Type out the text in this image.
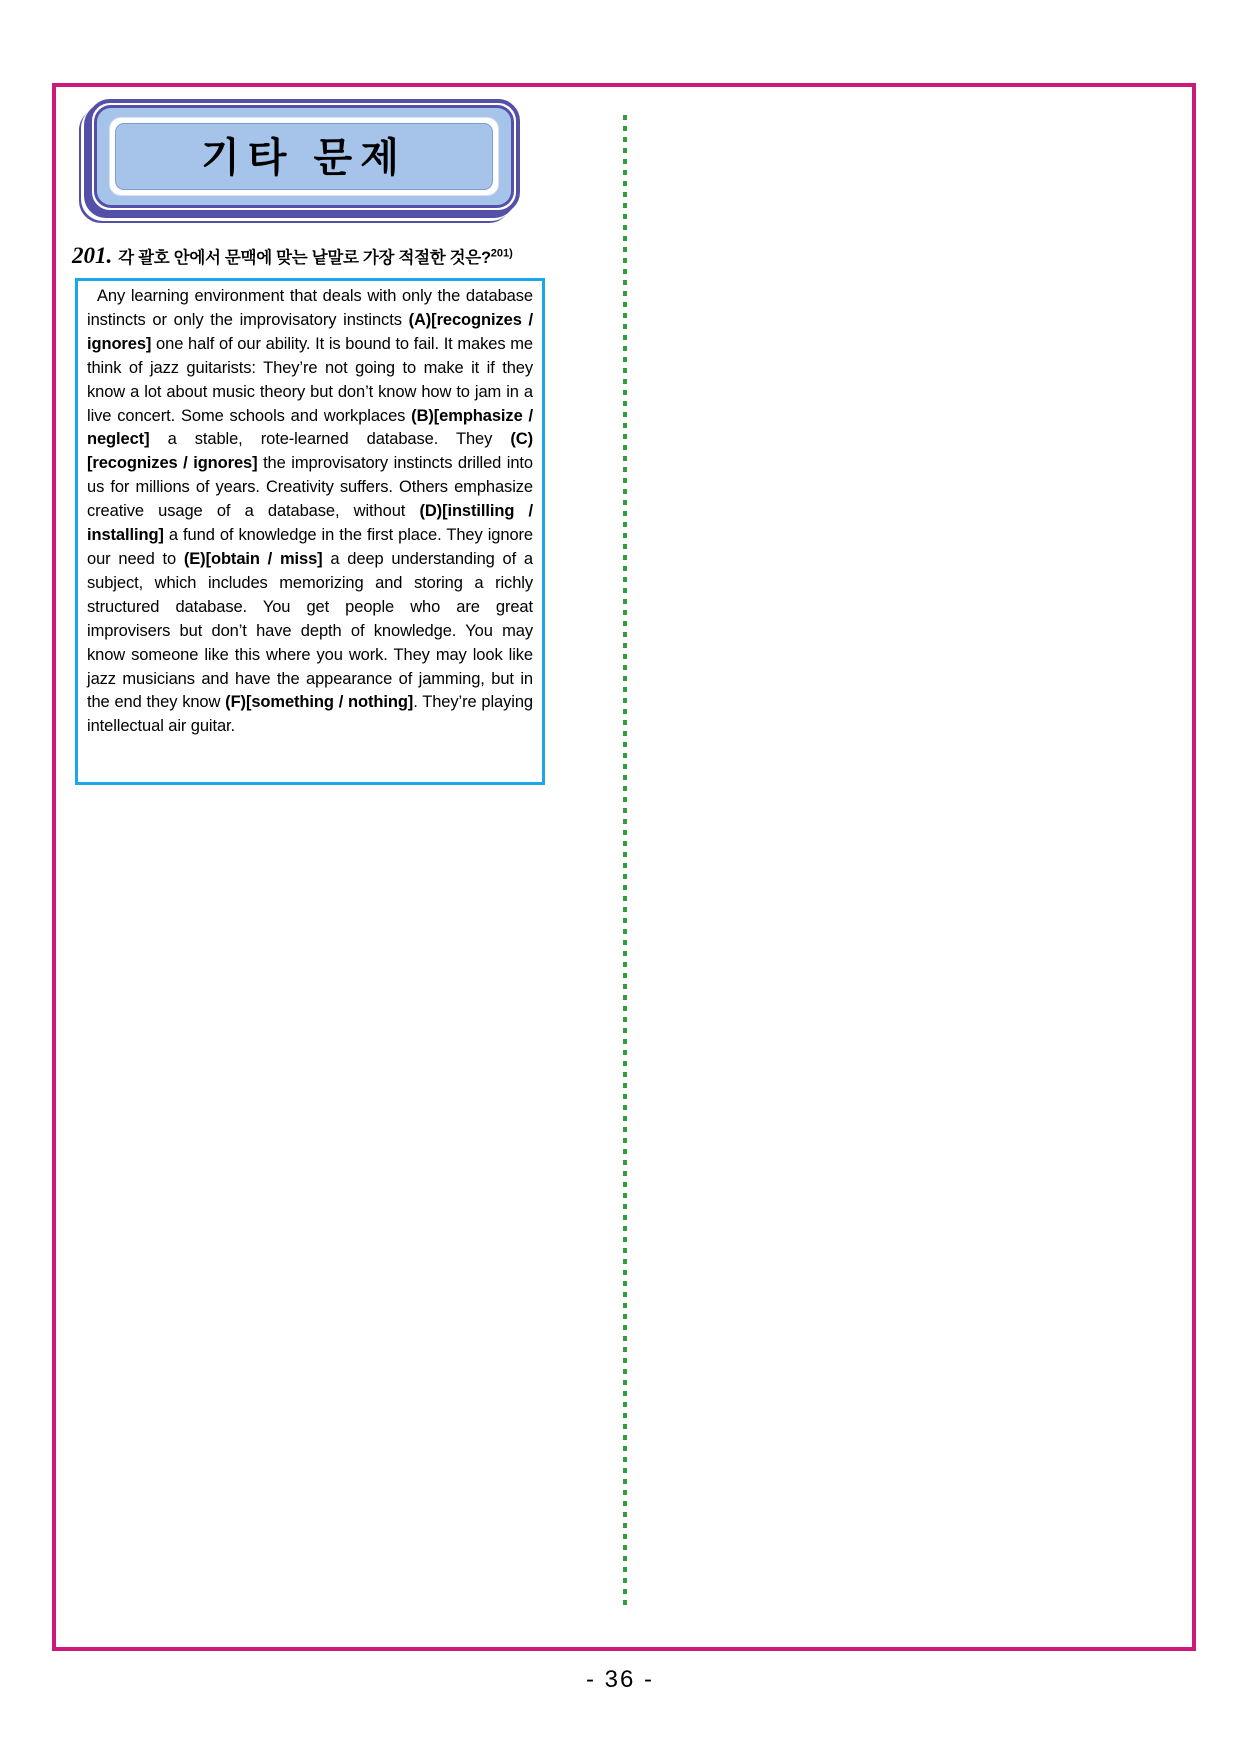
기타 문제
201. 각 괄호 안에서 문맥에 맞는 낱말로 가장 적절한 것은?$^{201)}$

Any learning environment that deals with only the database instincts or only the improvisatory instincts (A)[recognizes / ignores] one half of our ability. It is bound to fail. It makes me think of jazz guitarists: They’re not going to make it if they know a lot about music theory but don’t know how to jam in a live concert. Some schools and workplaces (B)[emphasize / neglect] a stable, rote-learned database. They (C)[recognizes / ignores] the improvisatory instincts drilled into us for millions of years. Creativity suffers. Others emphasize creative usage of a database, without (D)[instilling / installing] a fund of knowledge in the first place. They ignore our need to (E)[obtain / miss] a deep understanding of a subject, which includes memorizing and storing a richly structured database. You get people who are great improvisers but don’t have depth of knowledge. You may know someone like this where you work. They may look like jazz musicians and have the appearance of jamming, but in the end they know (F)[something / nothing]. They’re playing intellectual air guitar.

- 36 -
